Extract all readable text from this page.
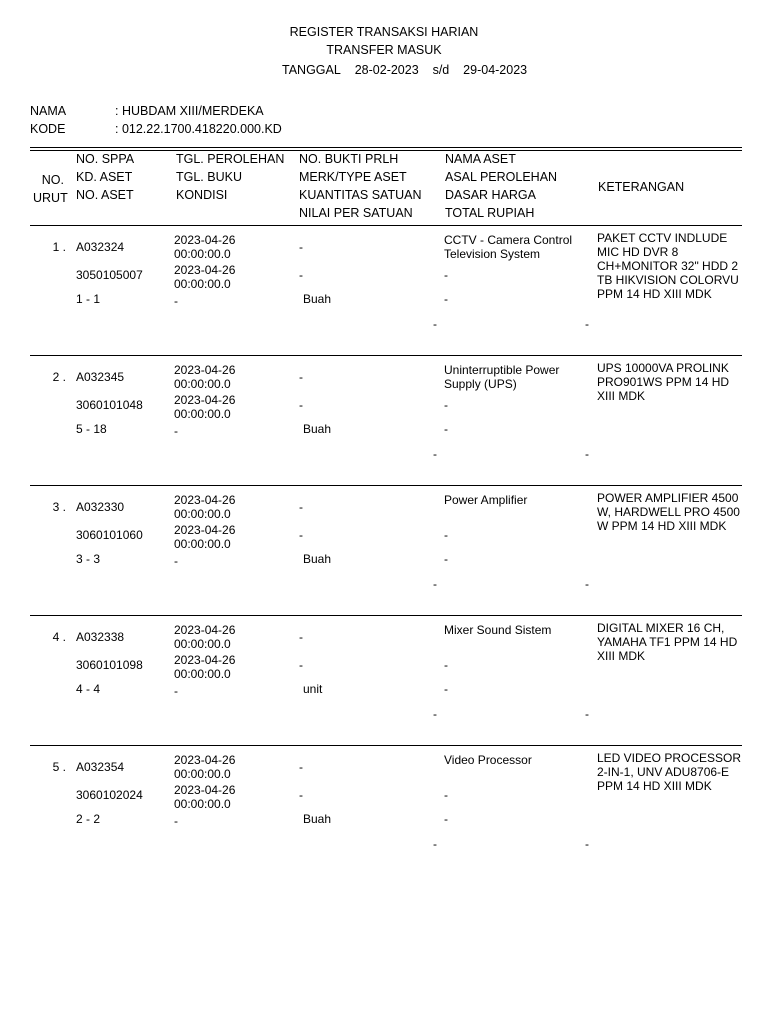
REGISTER TRANSAKSI HARIAN
TRANSFER MASUK
TANGGAL 28-02-2023 s/d 29-04-2023
NAMA	: HUBDAM XIII/MERDEKA
KODE	: 012.22.1700.418220.000.KD
NO.
URUT
NO. SPPA
KD. ASET
NO. ASET
TGL. PEROLEHAN
TGL. BUKU
KONDISI
NO. BUKTI PRLH
MERK/TYPE ASET
KUANTITAS SATUAN
NILAI PER SATUAN
NAMA ASET
ASAL PEROLEHAN
DASAR HARGA
TOTAL RUPIAH
KETERANGAN
1 . A032324
3050105007
1 - 1
2023-04-26
00:00:00.0
2023-04-26
00:00:00.0
-
-
-
Buah
-
CCTV - Camera Control Television System
-
-
-
PAKET CCTV INDLUDE MIC HD DVR 8 CH+MONITOR 32" HDD 2 TB HIKVISION COLORVU PPM 14 HD XIII MDK
2 . A032345
3060101048
5 - 18
2023-04-26
00:00:00.0
2023-04-26
00:00:00.0
-
-
-
Buah
-
Uninterruptible Power Supply (UPS)
-
-
-
UPS 10000VA PROLINK PRO901WS PPM 14 HD XIII MDK
3 . A032330
3060101060
3 - 3
2023-04-26
00:00:00.0
2023-04-26
00:00:00.0
-
-
-
Buah
-
Power Amplifier
-
-
-
POWER AMPLIFIER 4500 W, HARDWELL PRO 4500 W PPM 14 HD XIII MDK
4 . A032338
3060101098
4 - 4
2023-04-26
00:00:00.0
2023-04-26
00:00:00.0
-
-
-
unit
-
Mixer Sound Sistem
-
-
-
DIGITAL MIXER 16 CH, YAMAHA TF1 PPM 14 HD XIII MDK
5 . A032354
3060102024
2 - 2
2023-04-26
00:00:00.0
2023-04-26
00:00:00.0
-
-
-
Buah
-
Video Processor
-
-
-
LED VIDEO PROCESSOR 2-IN-1, UNV ADU8706-E PPM 14 HD XIII MDK
